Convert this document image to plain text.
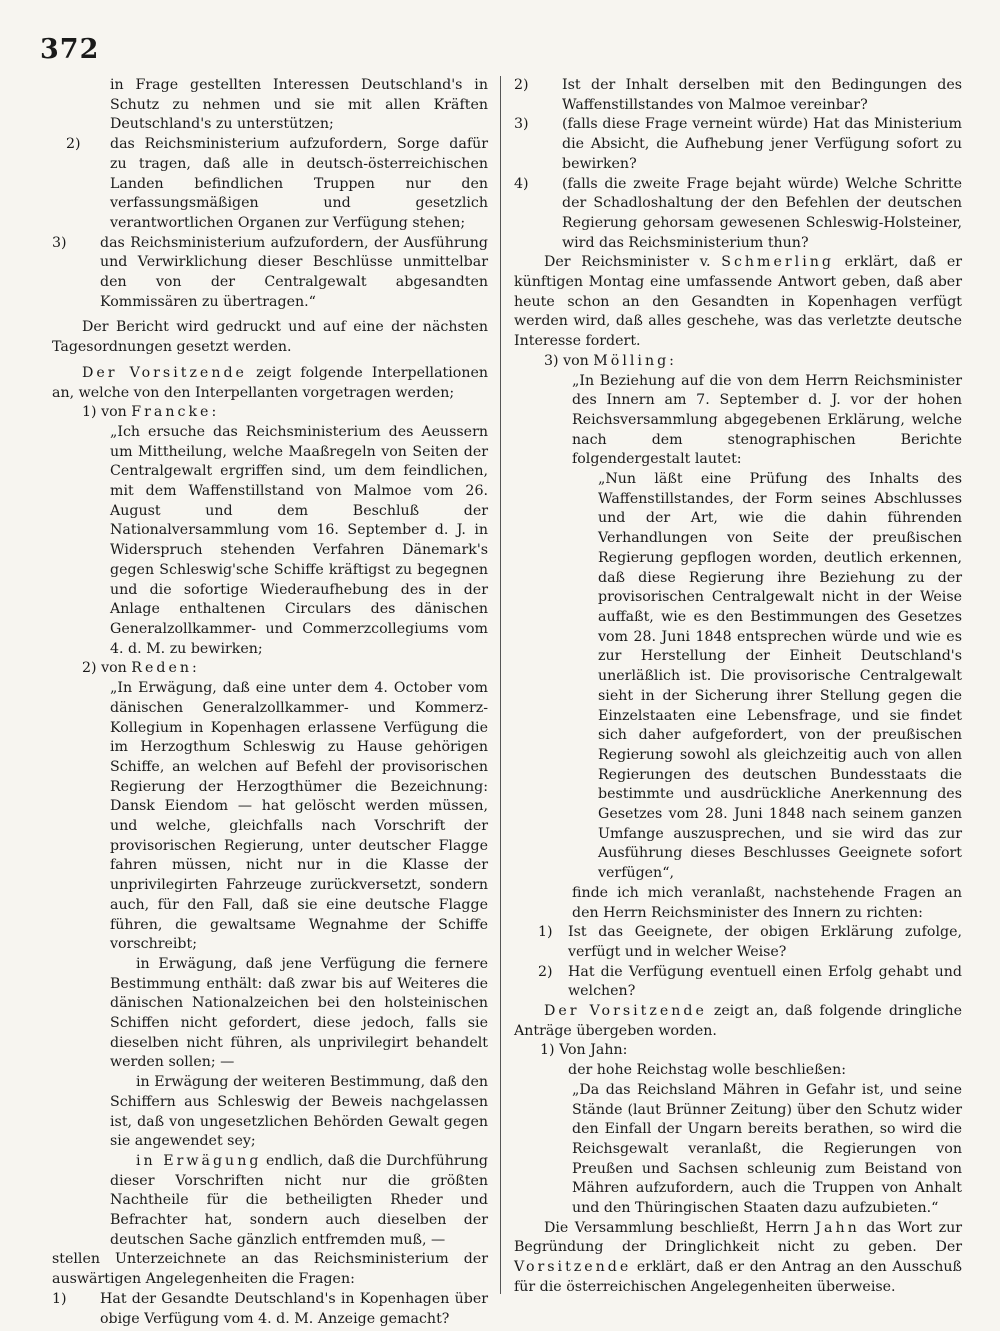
372

in Frage gestellten Interessen Deutschland's in Schutz zu nehmen und sie mit allen Kräften Deutschland's zu unterstützen;

2) das Reichsministerium aufzufordern, Sorge dafür zu tragen, daß alle in deutsch-österreichischen Landen befindlichen Truppen nur den verfassungsmäßigen und gesetzlich verantwortlichen Organen zur Verfügung stehen;
3) das Reichsministerium aufzufordern, der Ausführung und Verwirklichung dieser Beschlüsse unmittelbar den von der Centralgewalt abgesandten Kommissären zu übertragen.“

Der Bericht wird gedruckt und auf eine der nächsten Tagesordnungen gesetzt werden.

Der Vorsitzende zeigt folgende Interpellationen an, welche von den Interpellanten vorgetragen werden;

1) von Francke:

„Ich ersuche das Reichsministerium des Aeussern um Mittheilung, welche Maaßregeln von Seiten der Centralgewalt ergriffen sind, um dem feindlichen, mit dem Waffenstillstand von Malmoe vom 26. August und dem Beschluß der Nationalversammlung vom 16. September d. J. in Widerspruch stehenden Verfahren Dänemark's gegen Schleswig'sche Schiffe kräftigst zu begegnen und die sofortige Wiederaufhebung des in der Anlage enthaltenen Circulars des dänischen Generalzollkammer- und Commerzcollegiums vom 4. d. M. zu bewirken;

2) von Reden:

„In Erwägung, daß eine unter dem 4. October vom dänischen Generalzollkammer- und Kommerz-Kollegium in Kopenhagen erlassene Verfügung die im Herzogthum Schleswig zu Hause gehörigen Schiffe, an welchen auf Befehl der provisorischen Regierung der Herzogthümer die Bezeichnung: Dansk Eiendom — hat gelöscht werden müssen, und welche, gleichfalls nach Vorschrift der provisorischen Regierung, unter deutscher Flagge fahren müssen, nicht nur in die Klasse der unprivilegirten Fahrzeuge zurückversetzt, sondern auch, für den Fall, daß sie eine deutsche Flagge führen, die gewaltsame Wegnahme der Schiffe vorschreibt;

in Erwägung, daß jene Verfügung die fernere Bestimmung enthält: daß zwar bis auf Weiteres die dänischen Nationalzeichen bei den holsteinischen Schiffen nicht gefordert, diese jedoch, falls sie dieselben nicht führen, als unprivilegirt behandelt werden sollen; —

in Erwägung der weiteren Bestimmung, daß den Schiffern aus Schleswig der Beweis nachgelassen ist, daß von ungesetzlichen Behörden Gewalt gegen sie angewendet sey;

in Erwägung endlich, daß die Durchführung dieser Vorschriften nicht nur die größten Nachtheile für die betheiligten Rheder und Befrachter hat, sondern auch dieselben der deutschen Sache gänzlich entfremden muß, —

stellen Unterzeichnete an das Reichsministerium der auswärtigen Angelegenheiten die Fragen:

1) Hat der Gesandte Deutschland's in Kopenhagen über obige Verfügung vom 4. d. M. Anzeige gemacht?
2) Ist der Inhalt derselben mit den Bedingungen des Waffenstillstandes von Malmoe vereinbar?
3) (falls diese Frage verneint würde) Hat das Ministerium die Absicht, die Aufhebung jener Verfügung sofort zu bewirken?
4) (falls die zweite Frage bejaht würde) Welche Schritte der Schadloshaltung der den Befehlen der deutschen Regierung gehorsam gewesenen Schleswig-Holsteiner, wird das Reichsministerium thun?

Der Reichsminister v. Schmerling erklärt, daß er künftigen Montag eine umfassende Antwort geben, daß aber heute schon an den Gesandten in Kopenhagen verfügt werden wird, daß alles geschehe, was das verletzte deutsche Interesse fordert.

3) von Mölling:

„In Beziehung auf die von dem Herrn Reichsminister des Innern am 7. September d. J. vor der hohen Reichsversammlung abgegebenen Erklärung, welche nach dem stenographischen Berichte folgendergestalt lautet:

„Nun läßt eine Prüfung des Inhalts des Waffenstillstandes, der Form seines Abschlusses und der Art, wie die dahin führenden Verhandlungen von Seite der preußischen Regierung gepflogen worden, deutlich erkennen, daß diese Regierung ihre Beziehung zu der provisorischen Centralgewalt nicht in der Weise auffaßt, wie es den Bestimmungen des Gesetzes vom 28. Juni 1848 entsprechen würde und wie es zur Herstellung der Einheit Deutschland's unerläßlich ist. Die provisorische Centralgewalt sieht in der Sicherung ihrer Stellung gegen die Einzelstaaten eine Lebensfrage, und sie findet sich daher aufgefordert, von der preußischen Regierung sowohl als gleichzeitig auch von allen Regierungen des deutschen Bundesstaats die bestimmte und ausdrückliche Anerkennung des Gesetzes vom 28. Juni 1848 nach seinem ganzen Umfange auszusprechen, und sie wird das zur Ausführung dieses Beschlusses Geeignete sofort verfügen“,

finde ich mich veranlaßt, nachstehende Fragen an den Herrn Reichsminister des Innern zu richten:

1) Ist das Geeignete, der obigen Erklärung zufolge, verfügt und in welcher Weise?
2) Hat die Verfügung eventuell einen Erfolg gehabt und welchen?

Der Vorsitzende zeigt an, daß folgende dringliche Anträge übergeben worden.

1) Von Jahn:

der hohe Reichstag wolle beschließen:

„Da das Reichsland Mähren in Gefahr ist, und seine Stände (laut Brünner Zeitung) über den Schutz wider den Einfall der Ungarn bereits berathen, so wird die Reichsgewalt veranlaßt, die Regierungen von Preußen und Sachsen schleunig zum Beistand von Mähren aufzufordern, auch die Truppen von Anhalt und den Thüringischen Staaten dazu aufzubieten.“

Die Versammlung beschließt, Herrn Jahn das Wort zur Begründung der Dringlichkeit nicht zu geben. Der Vorsitzende erklärt, daß er den Antrag an den Ausschuß für die österreichischen Angelegenheiten überweise.
